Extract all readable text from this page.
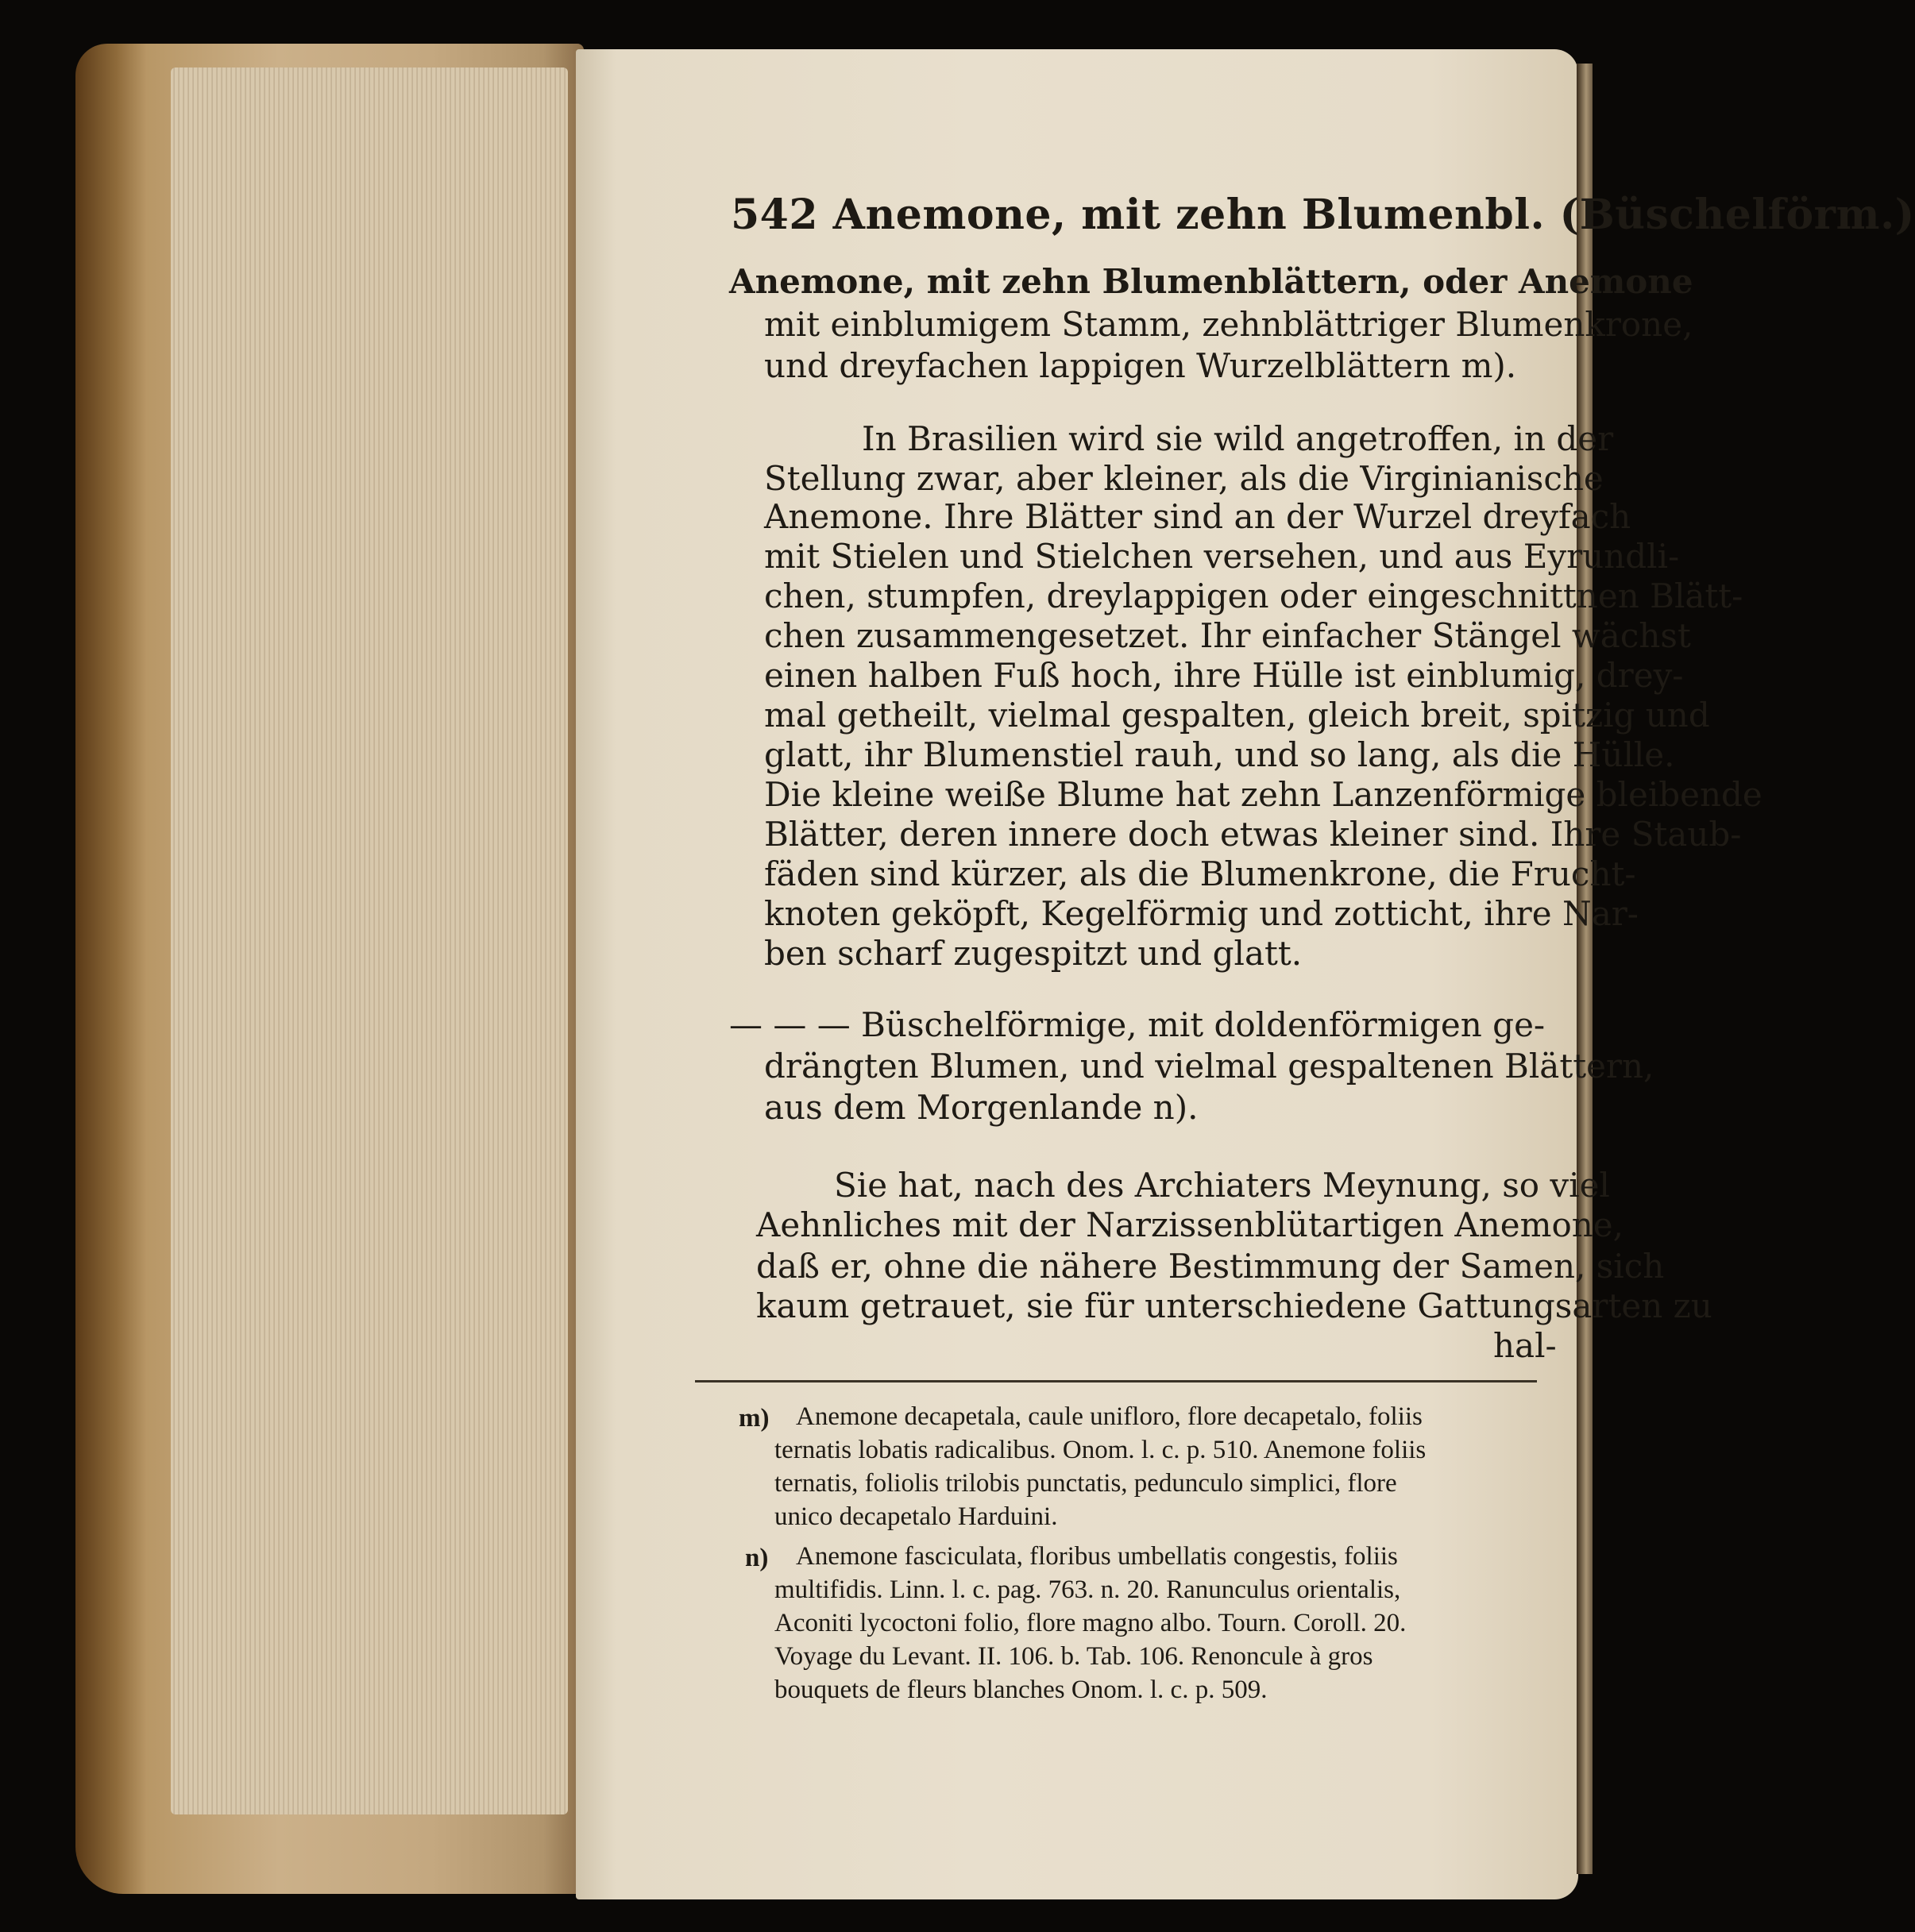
542 Anemone, mit zehn Blumenbl. (Büschelförm.)
Anemone, mit zehn Blumenblättern, oder Anemone
mit einblumigem Stamm, zehnblättriger Blumenkrone,
und dreyfachen lappigen Wurzelblättern m).
In Brasilien wird sie wild angetroffen, in der
Stellung zwar, aber kleiner, als die Virginianische
Anemone. Ihre Blätter sind an der Wurzel dreyfach
mit Stielen und Stielchen versehen, und aus Eyrundli-
chen, stumpfen, dreylappigen oder eingeschnittnen Blätt-
chen zusammengesetzet. Ihr einfacher Stängel wächst
einen halben Fuß hoch, ihre Hülle ist einblumig, drey-
mal getheilt, vielmal gespalten, gleich breit, spitzig und
glatt, ihr Blumenstiel rauh, und so lang, als die Hülle.
Die kleine weiße Blume hat zehn Lanzenförmige bleibende
Blätter, deren innere doch etwas kleiner sind. Ihre Staub-
fäden sind kürzer, als die Blumenkrone, die Frucht-
knoten geköpft, Kegelförmig und zotticht, ihre Nar-
ben scharf zugespitzt und glatt.
— — — Büschelförmige, mit doldenförmigen ge-
drängten Blumen, und vielmal gespaltenen Blättern,
aus dem Morgenlande n).
Sie hat, nach des Archiaters Meynung, so viel
Aehnliches mit der Narzissenblütartigen Anemone,
daß er, ohne die nähere Bestimmung der Samen, sich
kaum getrauet, sie für unterschiedene Gattungsarten zu
hal-
m) Anemone decapetala, caule unifloro, flore decapetalo, foliis
ternatis lobatis radicalibus. Onom. l. c. p. 510. Anemone foliis
ternatis, foliolis trilobis punctatis, pedunculo simplici, flore
unico decapetalo Harduini.
n) Anemone fasciculata, floribus umbellatis congestis, foliis
multifidis. Linn. l. c. pag. 763. n. 20. Ranunculus orientalis,
Aconiti lycoctoni folio, flore magno albo. Tourn. Coroll. 20.
Voyage du Levant. II. 106. b. Tab. 106. Renoncule à gros
bouquets de fleurs blanches Onom. l. c. p. 509.
